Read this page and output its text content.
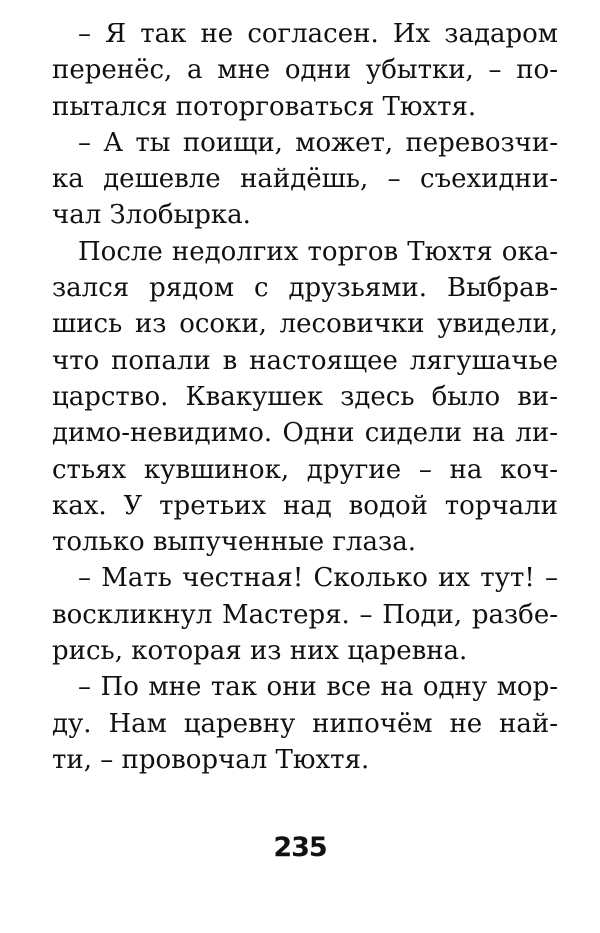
– Я так не согласен. Их задаром
перенёс, а мне одни убытки, – по-
пытался поторговаться Тюхтя.
– А ты поищи, может, перевозчи-
ка дешевле найдёшь, – съехидни-
чал Злобырка.
После недолгих торгов Тюхтя ока-
зался рядом с друзьями. Выбрав-
шись из осоки, лесовички увидели,
что попали в настоящее лягушачье
царство. Квакушек здесь было ви-
димо-невидимо. Одни сидели на ли-
стьях кувшинок, другие – на коч-
ках. У третьих над водой торчали
только выпученные глаза.
– Мать честная! Сколько их тут! –
воскликнул Мастеря. – Поди, разбе-
рись, которая из них царевна.
– По мне так они все на одну мор-
ду. Нам царевну нипочём не най-
ти, – проворчал Тюхтя.
235
